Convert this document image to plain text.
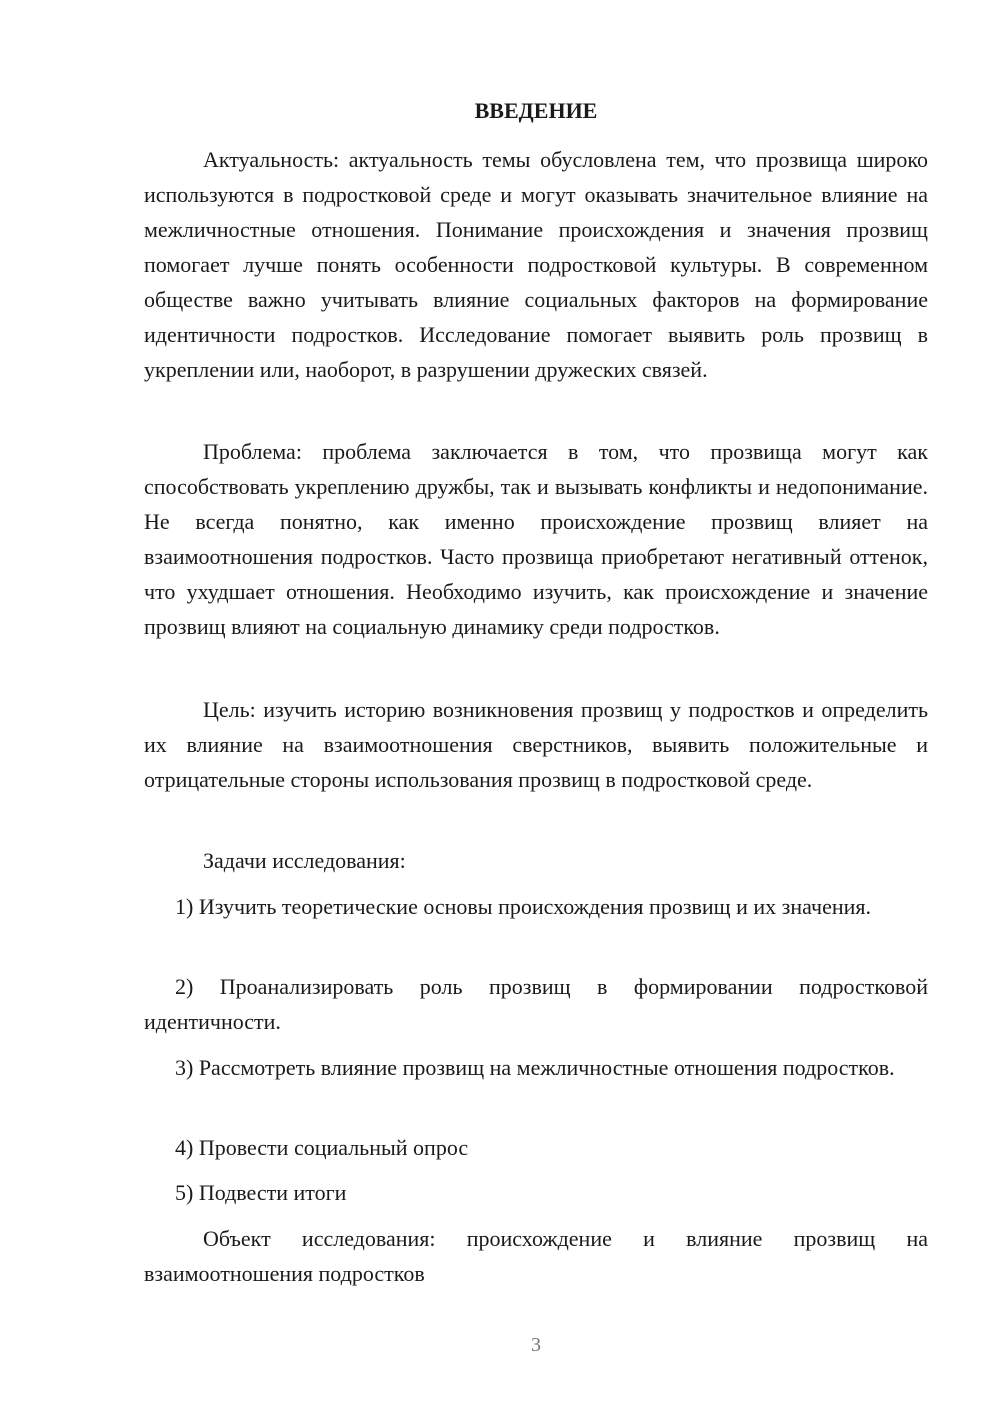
ВВЕДЕНИЕ

Актуальность: актуальность темы обусловлена тем, что прозвища широко используются в подростковой среде и могут оказывать значительное влияние на межличностные отношения. Понимание происхождения и значения прозвищ помогает лучше понять особенности подростковой культуры. В современном обществе важно учитывать влияние социальных факторов на формирование идентичности подростков. Исследование помогает выявить роль прозвищ в укреплении или, наоборот, в разрушении дружеских связей.

Проблема: проблема заключается в том, что прозвища могут как способствовать укреплению дружбы, так и вызывать конфликты и недопонимание. Не всегда понятно, как именно происхождение прозвищ влияет на взаимоотношения подростков. Часто прозвища приобретают негативный оттенок, что ухудшает отношения. Необходимо изучить, как происхождение и значение прозвищ влияют на социальную динамику среди подростков.

Цель: изучить историю возникновения прозвищ у подростков и определить их влияние на взаимоотношения сверстников, выявить положительные и отрицательные стороны использования прозвищ в подростковой среде.

Задачи исследования:

1) Изучить теоретические основы происхождения прозвищ и их значения.

2) Проанализировать роль прозвищ в формировании подростковой идентичности.

3) Рассмотреть влияние прозвищ на межличностные отношения подростков.

4) Провести социальный опрос

5) Подвести итоги

Объект исследования: происхождение и влияние прозвищ на взаимоотношения подростков

3
